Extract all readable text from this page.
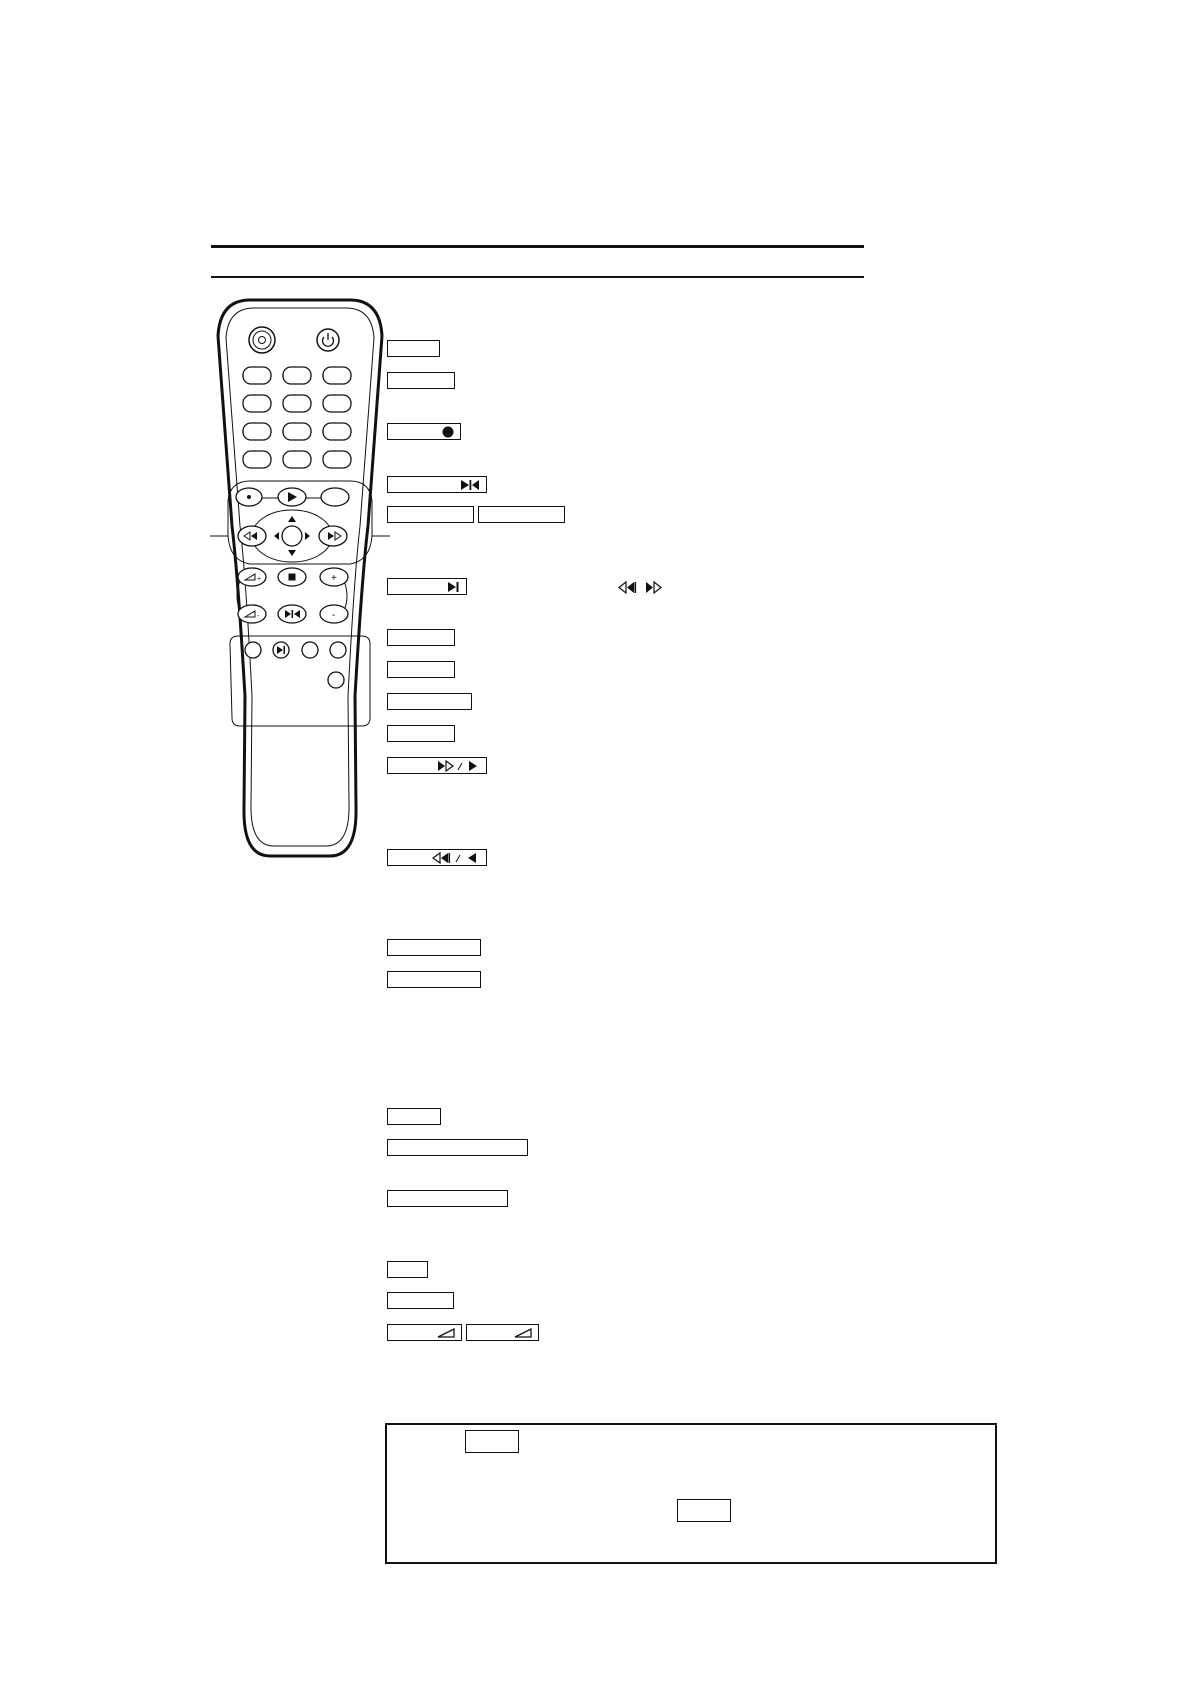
+	+
-	-
